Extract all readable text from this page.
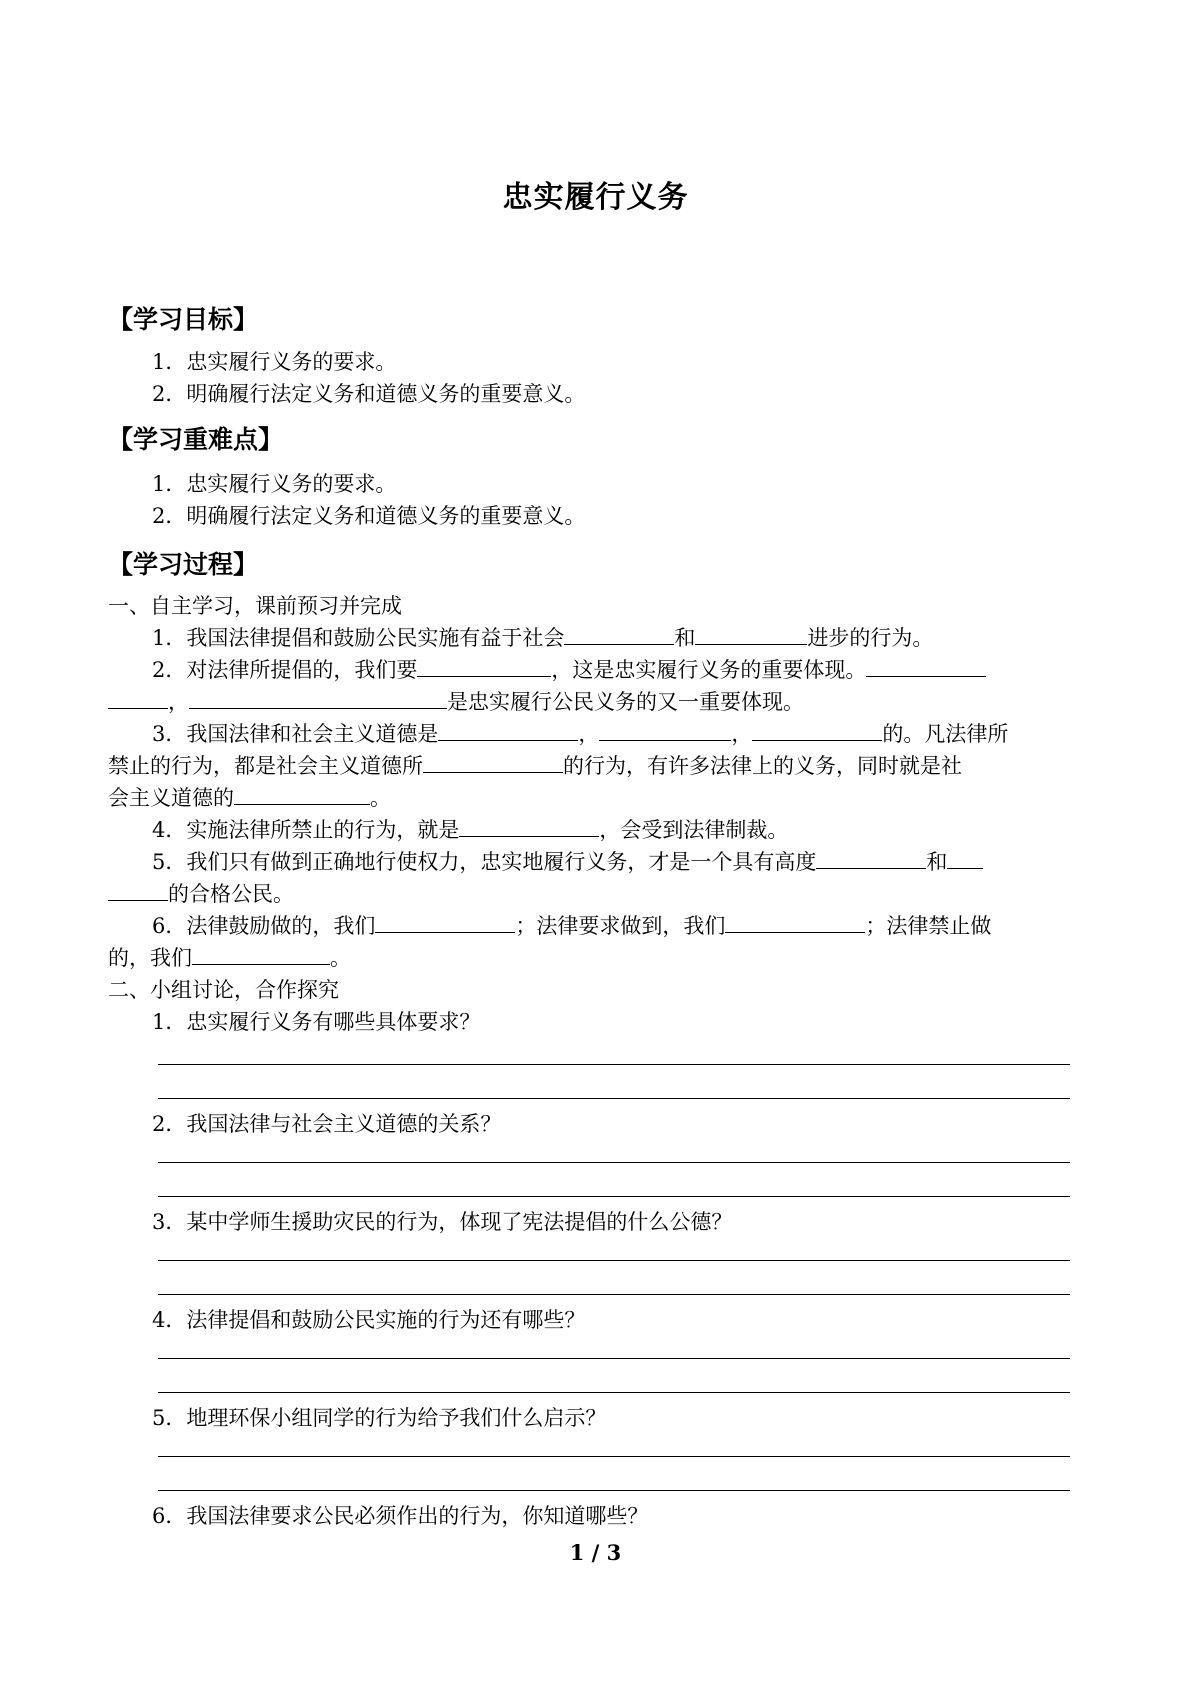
忠实履行义务
【学习目标】
1．忠实履行义务的要求。
2．明确履行法定义务和道德义务的重要意义。
【学习重难点】
1．忠实履行义务的要求。
2．明确履行法定义务和道德义务的重要意义。
【学习过程】
一、自主学习，课前预习并完成
1．我国法律提倡和鼓励公民实施有益于社会	和	进步的行为。
2．对法律所提倡的，我们要	，这是忠实履行义务的重要体现。
，	是忠实履行公民义务的又一重要体现。
3．我国法律和社会主义道德是	，	，	的。凡法律所
禁止的行为，都是社会主义道德所	的行为，有许多法律上的义务，同时就是社
会主义道德的	。
4．实施法律所禁止的行为，就是	，会受到法律制裁。
5．我们只有做到正确地行使权力，忠实地履行义务，才是一个具有高度	和
的合格公民。
6．法律鼓励做的，我们	；法律要求做到，我们	；法律禁止做
的，我们	。
二、小组讨论，合作探究
1．忠实履行义务有哪些具体要求？
2．我国法律与社会主义道德的关系？
3．某中学师生援助灾民的行为，体现了宪法提倡的什么公德？
4．法律提倡和鼓励公民实施的行为还有哪些？
5．地理环保小组同学的行为给予我们什么启示？
6．我国法律要求公民必须作出的行为，你知道哪些？
1 / 3
